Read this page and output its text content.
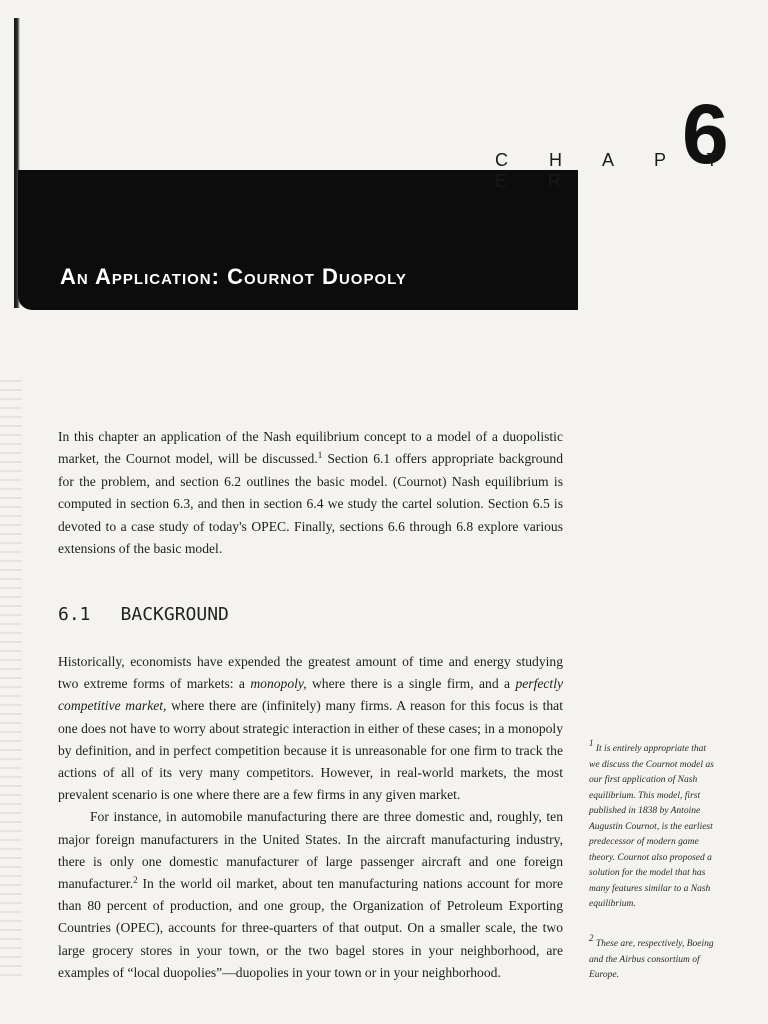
C H A P T E R	6
An Application: Cournot Duopoly

In this chapter an application of the Nash equilibrium concept to a model of a duopolistic market, the Cournot model, will be discussed.$^1$ Section 6.1 offers appropriate background for the problem, and section 6.2 outlines the basic model. (Cournot) Nash equilibrium is computed in section 6.3, and then in section 6.4 we study the cartel solution. Section 6.5 is devoted to a case study of today's OPEC. Finally, sections 6.6 through 6.8 explore various extensions of the basic model.

6.1 BACKGROUND

Historically, economists have expended the greatest amount of time and energy studying two extreme forms of markets: a monopoly, where there is a single firm, and a perfectly competitive market, where there are (infinitely) many firms. A reason for this focus is that one does not have to worry about strategic interaction in either of these cases; in a monopoly by definition, and in perfect competition because it is unreasonable for one firm to track the actions of all of its very many competitors. However, in real-world markets, the most prevalent scenario is one where there are a few firms in any given market.

For instance, in automobile manufacturing there are three domestic and, roughly, ten major foreign manufacturers in the United States. In the aircraft manufacturing industry, there is only one domestic manufacturer of large passenger aircraft and one foreign manufacturer.$^2$ In the world oil market, about ten manufacturing nations account for more than 80 percent of production, and one group, the Organization of Petroleum Exporting Countries (OPEC), accounts for three-quarters of that output. On a smaller scale, the two large grocery stores in your town, or the two bagel stores in your neighborhood, are examples of “local duopolies”—duopolies in your town or in your neighborhood.

$^1$ It is entirely appropriate that we discuss the Cournot model as our first application of Nash equilibrium. This model, first published in 1838 by Antoine Augustin Cournot, is the earliest predecessor of modern game theory. Cournot also proposed a solution for the model that has many features similar to a Nash equilibrium.
$^2$ These are, respectively, Boeing and the Airbus consortium of Europe.
